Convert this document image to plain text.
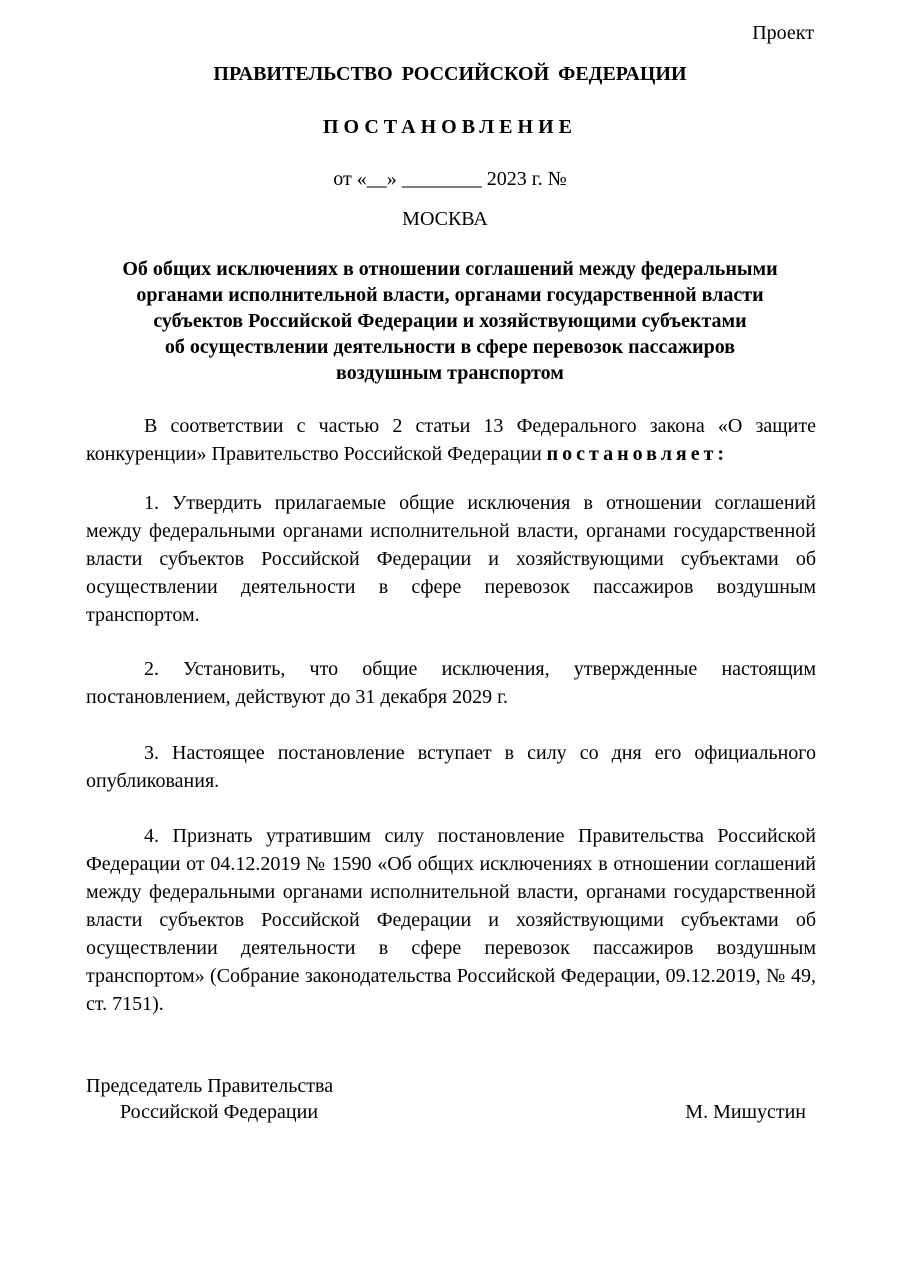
Проект
ПРАВИТЕЛЬСТВО РОССИЙСКОЙ ФЕДЕРАЦИИ
ПОСТАНОВЛЕНИЕ
от «__» ________ 2023 г. №
МОСКВА
Об общих исключениях в отношении соглашений между федеральными
органами исполнительной власти, органами государственной власти
субъектов Российской Федерации и хозяйствующими субъектами
об осуществлении деятельности в сфере перевозок пассажиров
воздушным транспортом
В соответствии с частью 2 статьи 13 Федерального закона «О защите конкуренции» Правительство Российской Федерации постановляет:
1. Утвердить прилагаемые общие исключения в отношении соглашений между федеральными органами исполнительной власти, органами государственной власти субъектов Российской Федерации и хозяйствующими субъектами об осуществлении деятельности в сфере перевозок пассажиров воздушным транспортом.
2. Установить, что общие исключения, утвержденные настоящим постановлением, действуют до 31 декабря 2029 г.
3. Настоящее постановление вступает в силу со дня его официального опубликования.
4. Признать утратившим силу постановление Правительства Российской Федерации от 04.12.2019 № 1590 «Об общих исключениях в отношении соглашений между федеральными органами исполнительной власти, органами государственной власти субъектов Российской Федерации и хозяйствующими субъектами об осуществлении деятельности в сфере перевозок пассажиров воздушным транспортом» (Собрание законодательства Российской Федерации, 09.12.2019, № 49, ст. 7151).
Председатель Правительства
Российской Федерации	М. Мишустин
